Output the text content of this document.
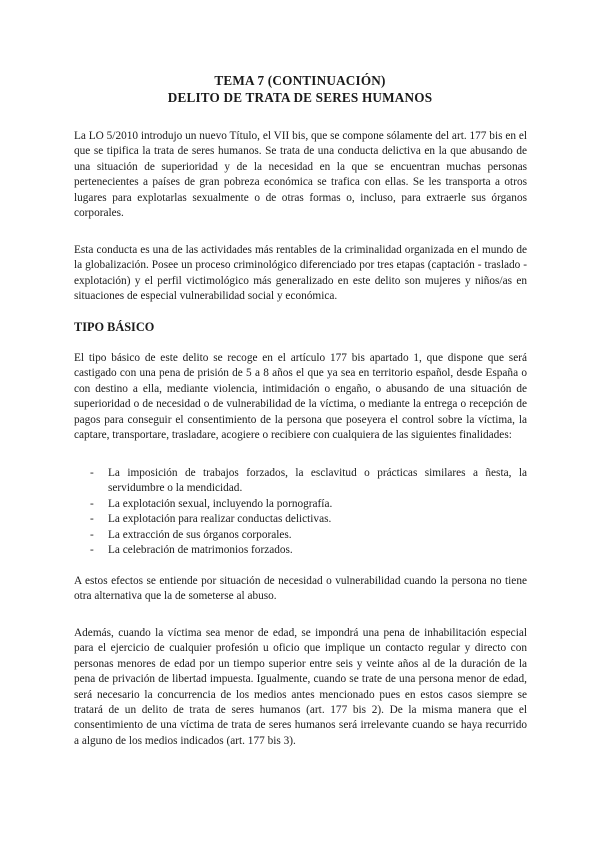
TEMA 7 (CONTINUACIÓN)
DELITO DE TRATA DE SERES HUMANOS

La LO 5/2010 introdujo un nuevo Título, el VII bis, que se compone sólamente del art. 177 bis en el que se tipifica la trata de seres humanos. Se trata de una conducta delictiva en la que abusando de una situación de superioridad y de la necesidad en la que se encuentran muchas personas pertenecientes a países de gran pobreza económica se trafica con ellas. Se les transporta a otros lugares para explotarlas sexualmente o de otras formas o, incluso, para extraerle sus órganos corporales.

Esta conducta es una de las actividades más rentables de la criminalidad organizada en el mundo de la globalización. Posee un proceso criminológico diferenciado por tres etapas (captación - traslado - explotación) y el perfil victimológico más generalizado en este delito son mujeres y niños/as en situaciones de especial vulnerabilidad social y económica.

TIPO BÁSICO

El tipo básico de este delito se recoge en el artículo 177 bis apartado 1, que dispone que será castigado con una pena de prisión de 5 a 8 años el que ya sea en territorio español, desde España o con destino a ella, mediante violencia, intimidación o engaño, o abusando de una situación de superioridad o de necesidad o de vulnerabilidad de la víctima, o mediante la entrega o recepción de pagos para conseguir el consentimiento de la persona que poseyera el control sobre la víctima, la captare, transportare, trasladare, acogiere o recibiere con cualquiera de las siguientes finalidades:

- La imposición de trabajos forzados, la esclavitud o prácticas similares a ñesta, la servidumbre o la mendicidad.
- La explotación sexual, incluyendo la pornografía.
- La explotación para realizar conductas delictivas.
- La extracción de sus órganos corporales.
- La celebración de matrimonios forzados.

A estos efectos se entiende por situación de necesidad o vulnerabilidad cuando la persona no tiene otra alternativa que la de someterse al abuso.

Además, cuando la víctima sea menor de edad, se impondrá una pena de inhabilitación especial para el ejercicio de cualquier profesión u oficio que implique un contacto regular y directo con personas menores de edad por un tiempo superior entre seis y veinte años al de la duración de la pena de privación de libertad impuesta. Igualmente, cuando se trate de una persona menor de edad, será necesario la concurrencia de los medios antes mencionado pues en estos casos siempre se tratará de un delito de trata de seres humanos (art. 177 bis 2). De la misma manera que el consentimiento de una víctima de trata de seres humanos será irrelevante cuando se haya recurrido a alguno de los medios indicados (art. 177 bis 3).
